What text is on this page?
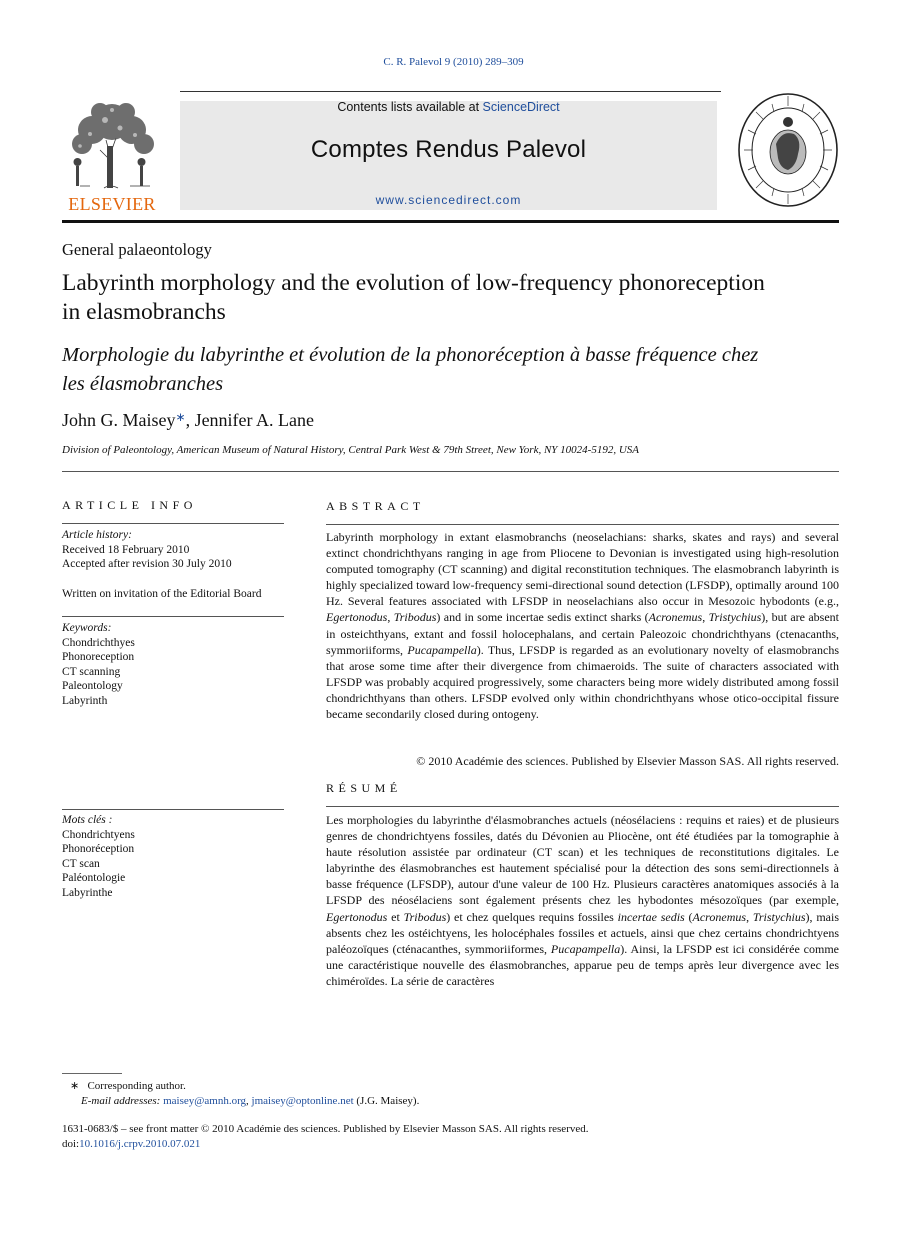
C. R. Palevol 9 (2010) 289–309
ELSEVIER
Contents lists available at ScienceDirect
Comptes Rendus Palevol
www.sciencedirect.com
General palaeontology
Labyrinth morphology and the evolution of low-frequency phonoreception in elasmobranchs
Morphologie du labyrinthe et évolution de la phonoréception à basse fréquence chez les élasmobranches
John G. Maisey∗, Jennifer A. Lane
Division of Paleontology, American Museum of Natural History, Central Park West & 79th Street, New York, NY 10024-5192, USA
ARTICLE INFO
Article history:
Received 18 February 2010
Accepted after revision 30 July 2010
Written on invitation of the Editorial Board
Keywords:
Chondrichthyes
Phonoreception
CT scanning
Paleontology
Labyrinth
Mots clés :
Chondrichtyens
Phonoréception
CT scan
Paléontologie
Labyrinthe
ABSTRACT
Labyrinth morphology in extant elasmobranchs (neoselachians: sharks, skates and rays) and several extinct chondrichthyans ranging in age from Pliocene to Devonian is investigated using high-resolution computed tomography (CT scanning) and digital reconstitution techniques. The elasmobranch labyrinth is highly specialized toward low-frequency semi-directional sound detection (LFSDP), optimally around 100 Hz. Several features associated with LFSDP in neoselachians also occur in Mesozoic hybodonts (e.g., Egertonodus, Tribodus) and in some incertae sedis extinct sharks (Acronemus, Tristychius), but are absent in osteichthyans, extant and fossil holocephalans, and certain Paleozoic chondrichthyans (ctenacanths, symmoriiforms, Pucapampella). Thus, LFSDP is regarded as an evolutionary novelty of elasmobranchs that arose some time after their divergence from chimaeroids. The suite of characters associated with LFSDP was probably acquired progressively, some characters being more widely distributed among fossil chondrichthyans than others. LFSDP evolved only within chondrichthyans whose otico-occipital fissure became secondarily closed during ontogeny.
© 2010 Académie des sciences. Published by Elsevier Masson SAS. All rights reserved.
RÉSUMÉ
Les morphologies du labyrinthe d'élasmobranches actuels (néosélaciens : requins et raies) et de plusieurs genres de chondrichtyens fossiles, datés du Dévonien au Pliocène, ont été étudiées par la tomographie à haute résolution assistée par ordinateur (CT scan) et les techniques de reconstitutions digitales. Le labyrinthe des élasmobranches est hautement spécialisé pour la détection des sons semi-directionnels à basse fréquence (LFSDP), autour d'une valeur de 100 Hz. Plusieurs caractères anatomiques associés à la LFSDP des néosélaciens sont également présents chez les hybodontes mésozoïques (par exemple, Egertonodus et Tribodus) et chez quelques requins fossiles incertae sedis (Acronemus, Tristychius), mais absents chez les ostéichtyens, les holocéphales fossiles et actuels, ainsi que chez certains chondrichtyens paléozoïques (cténacanthes, symmoriiformes, Pucapampella). Ainsi, la LFSDP est ici considérée comme une caractéristique nouvelle des élasmobranches, apparue peu de temps après leur divergence avec les chiméroïdes. La série de caractères
∗ Corresponding author.
E-mail addresses: maisey@amnh.org, jmaisey@optonline.net (J.G. Maisey).
1631-0683/$ – see front matter © 2010 Académie des sciences. Published by Elsevier Masson SAS. All rights reserved.
doi:10.1016/j.crpv.2010.07.021
